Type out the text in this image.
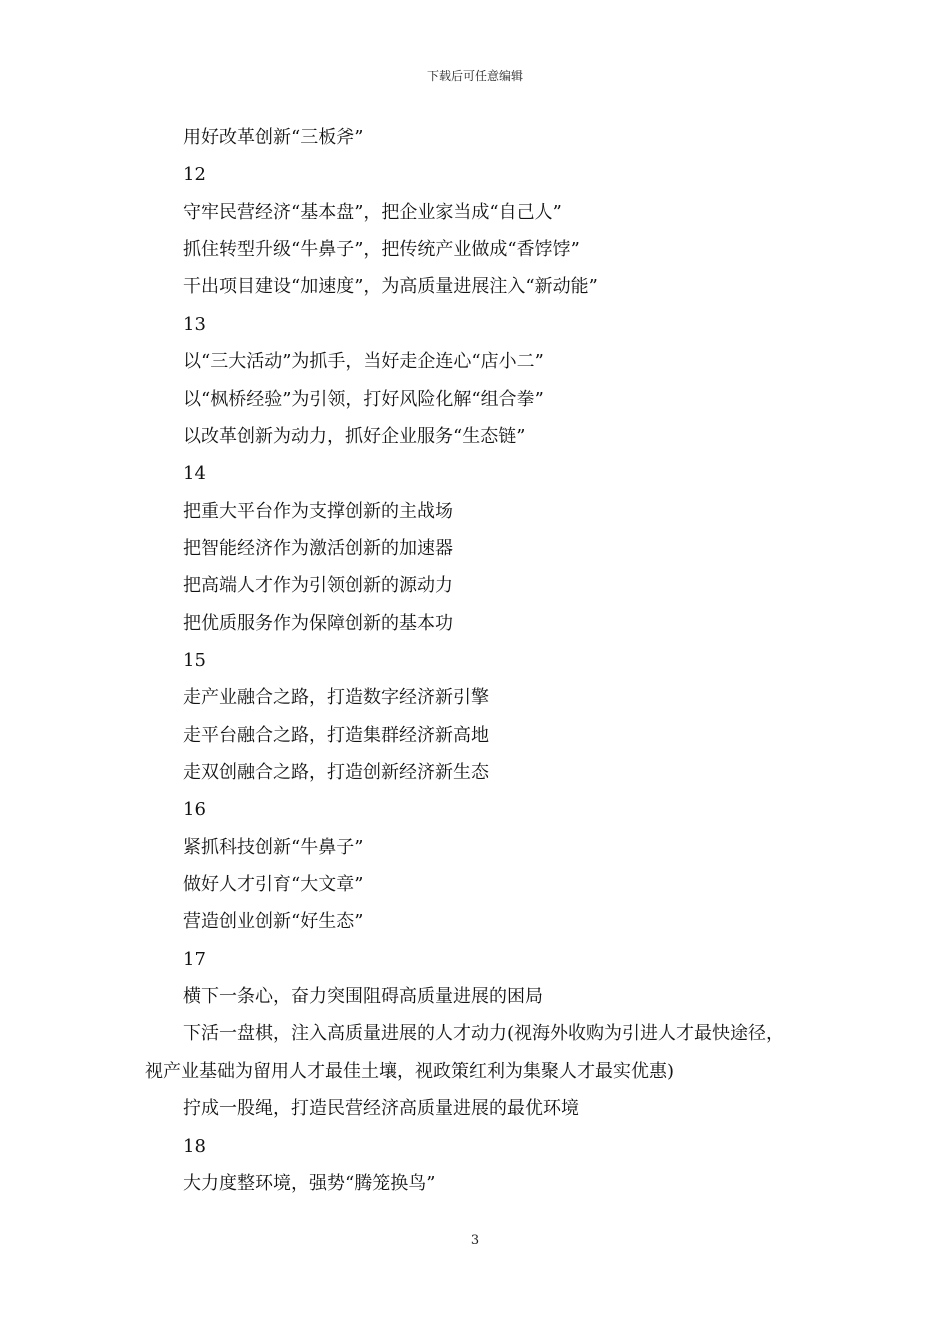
下载后可任意编辑
用好改革创新“三板斧”
12
守牢民营经济“基本盘”，把企业家当成“自己人”
抓住转型升级“牛鼻子”，把传统产业做成“香饽饽”
干出项目建设“加速度”，为高质量进展注入“新动能”
13
以“三大活动”为抓手，当好走企连心“店小二”
以“枫桥经验”为引领，打好风险化解“组合拳”
以改革创新为动力，抓好企业服务“生态链”
14
把重大平台作为支撑创新的主战场
把智能经济作为激活创新的加速器
把高端人才作为引领创新的源动力
把优质服务作为保障创新的基本功
15
走产业融合之路，打造数字经济新引擎
走平台融合之路，打造集群经济新高地
走双创融合之路，打造创新经济新生态
16
紧抓科技创新“牛鼻子”
做好人才引育“大文章”
营造创业创新“好生态”
17
横下一条心，奋力突围阻碍高质量进展的困局
下活一盘棋，注入高质量进展的人才动力(视海外收购为引进人才最快途径，
视产业基础为留用人才最佳土壤，视政策红利为集聚人才最实优惠)
拧成一股绳，打造民营经济高质量进展的最优环境
18
大力度整环境，强势“腾笼换鸟”
3
